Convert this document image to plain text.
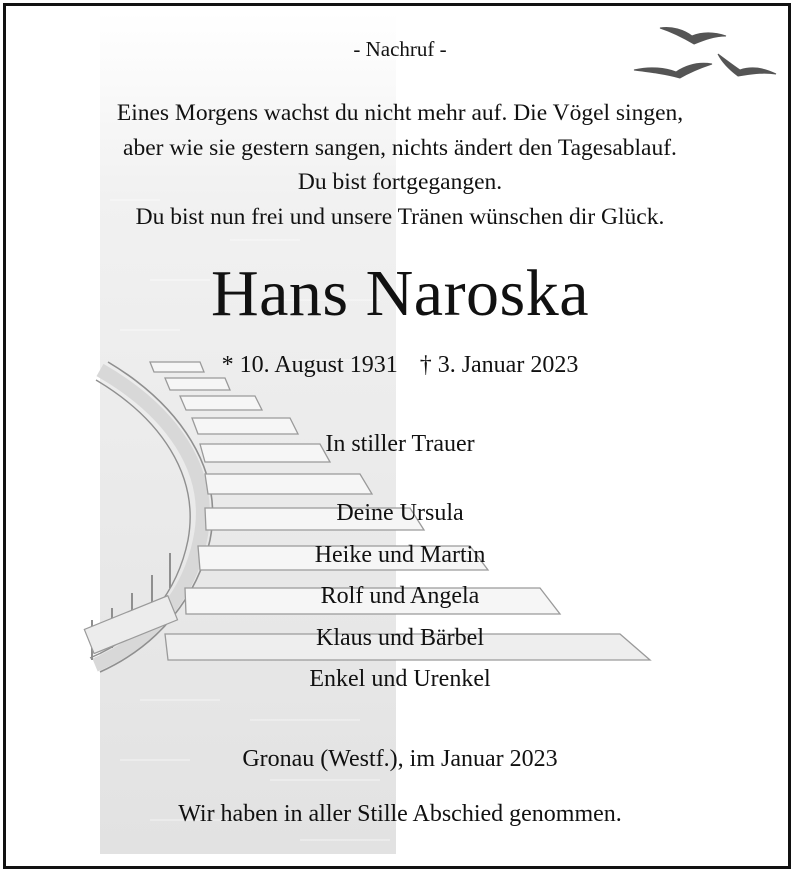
- Nachruf -
Eines Morgens wachst du nicht mehr auf. Die Vögel singen,
aber wie sie gestern sangen, nichts ändert den Tagesablauf.
Du bist fortgegangen.
Du bist nun frei und unsere Tränen wünschen dir Glück.
Hans Naroska
* 10. August 1931 † 3. Januar 2023
In stiller Trauer
Deine Ursula
Heike und Martin
Rolf und Angela
Klaus und Bärbel
Enkel und Urenkel
Gronau (Westf.), im Januar 2023
Wir haben in aller Stille Abschied genommen.
